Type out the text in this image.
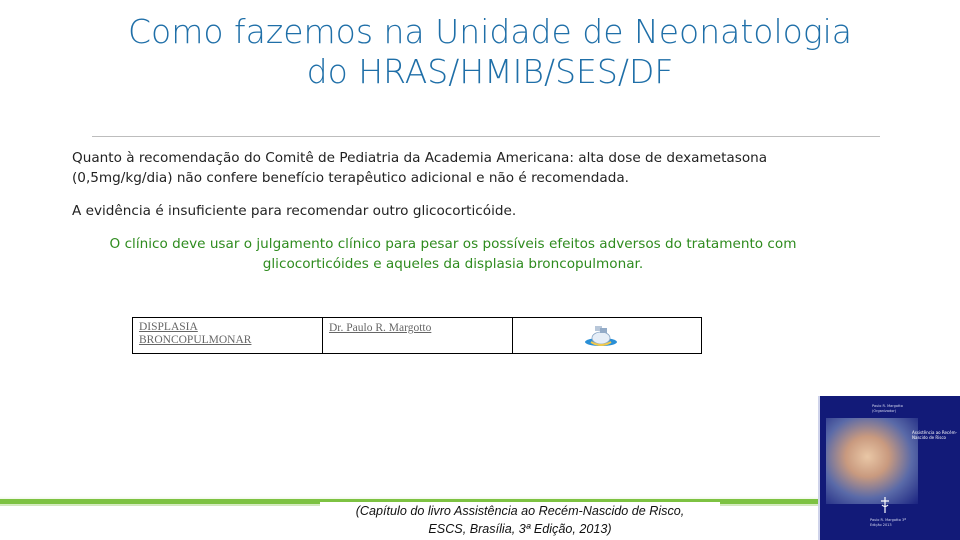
Como fazemos na Unidade de Neonatologia
do HRAS/HMIB/SES/DF
Quanto à recomendação do Comitê de Pediatria da Academia Americana: alta dose de dexametasona (0,5mg/kg/dia) não confere benefício terapêutico adicional e não é recomendada.
A evidência é insuficiente para recomendar outro glicocorticóide.
O clínico deve usar o julgamento clínico para pesar os possíveis efeitos adversos do tratamento com glicocorticóides e aqueles da displasia broncopulmonar.
DISPLASIA
BRONCOPULMONAR
Dr. Paulo R. Margotto
(Capítulo do livro Assistência ao Recém-Nascido de Risco,
ESCS, Brasília, 3ª Edição, 2013)
Paulo R. Margotto (Organizador)
Assistência ao Recém-Nascido de Risco
Paulo R. Margotto 3ª Edição 2013
